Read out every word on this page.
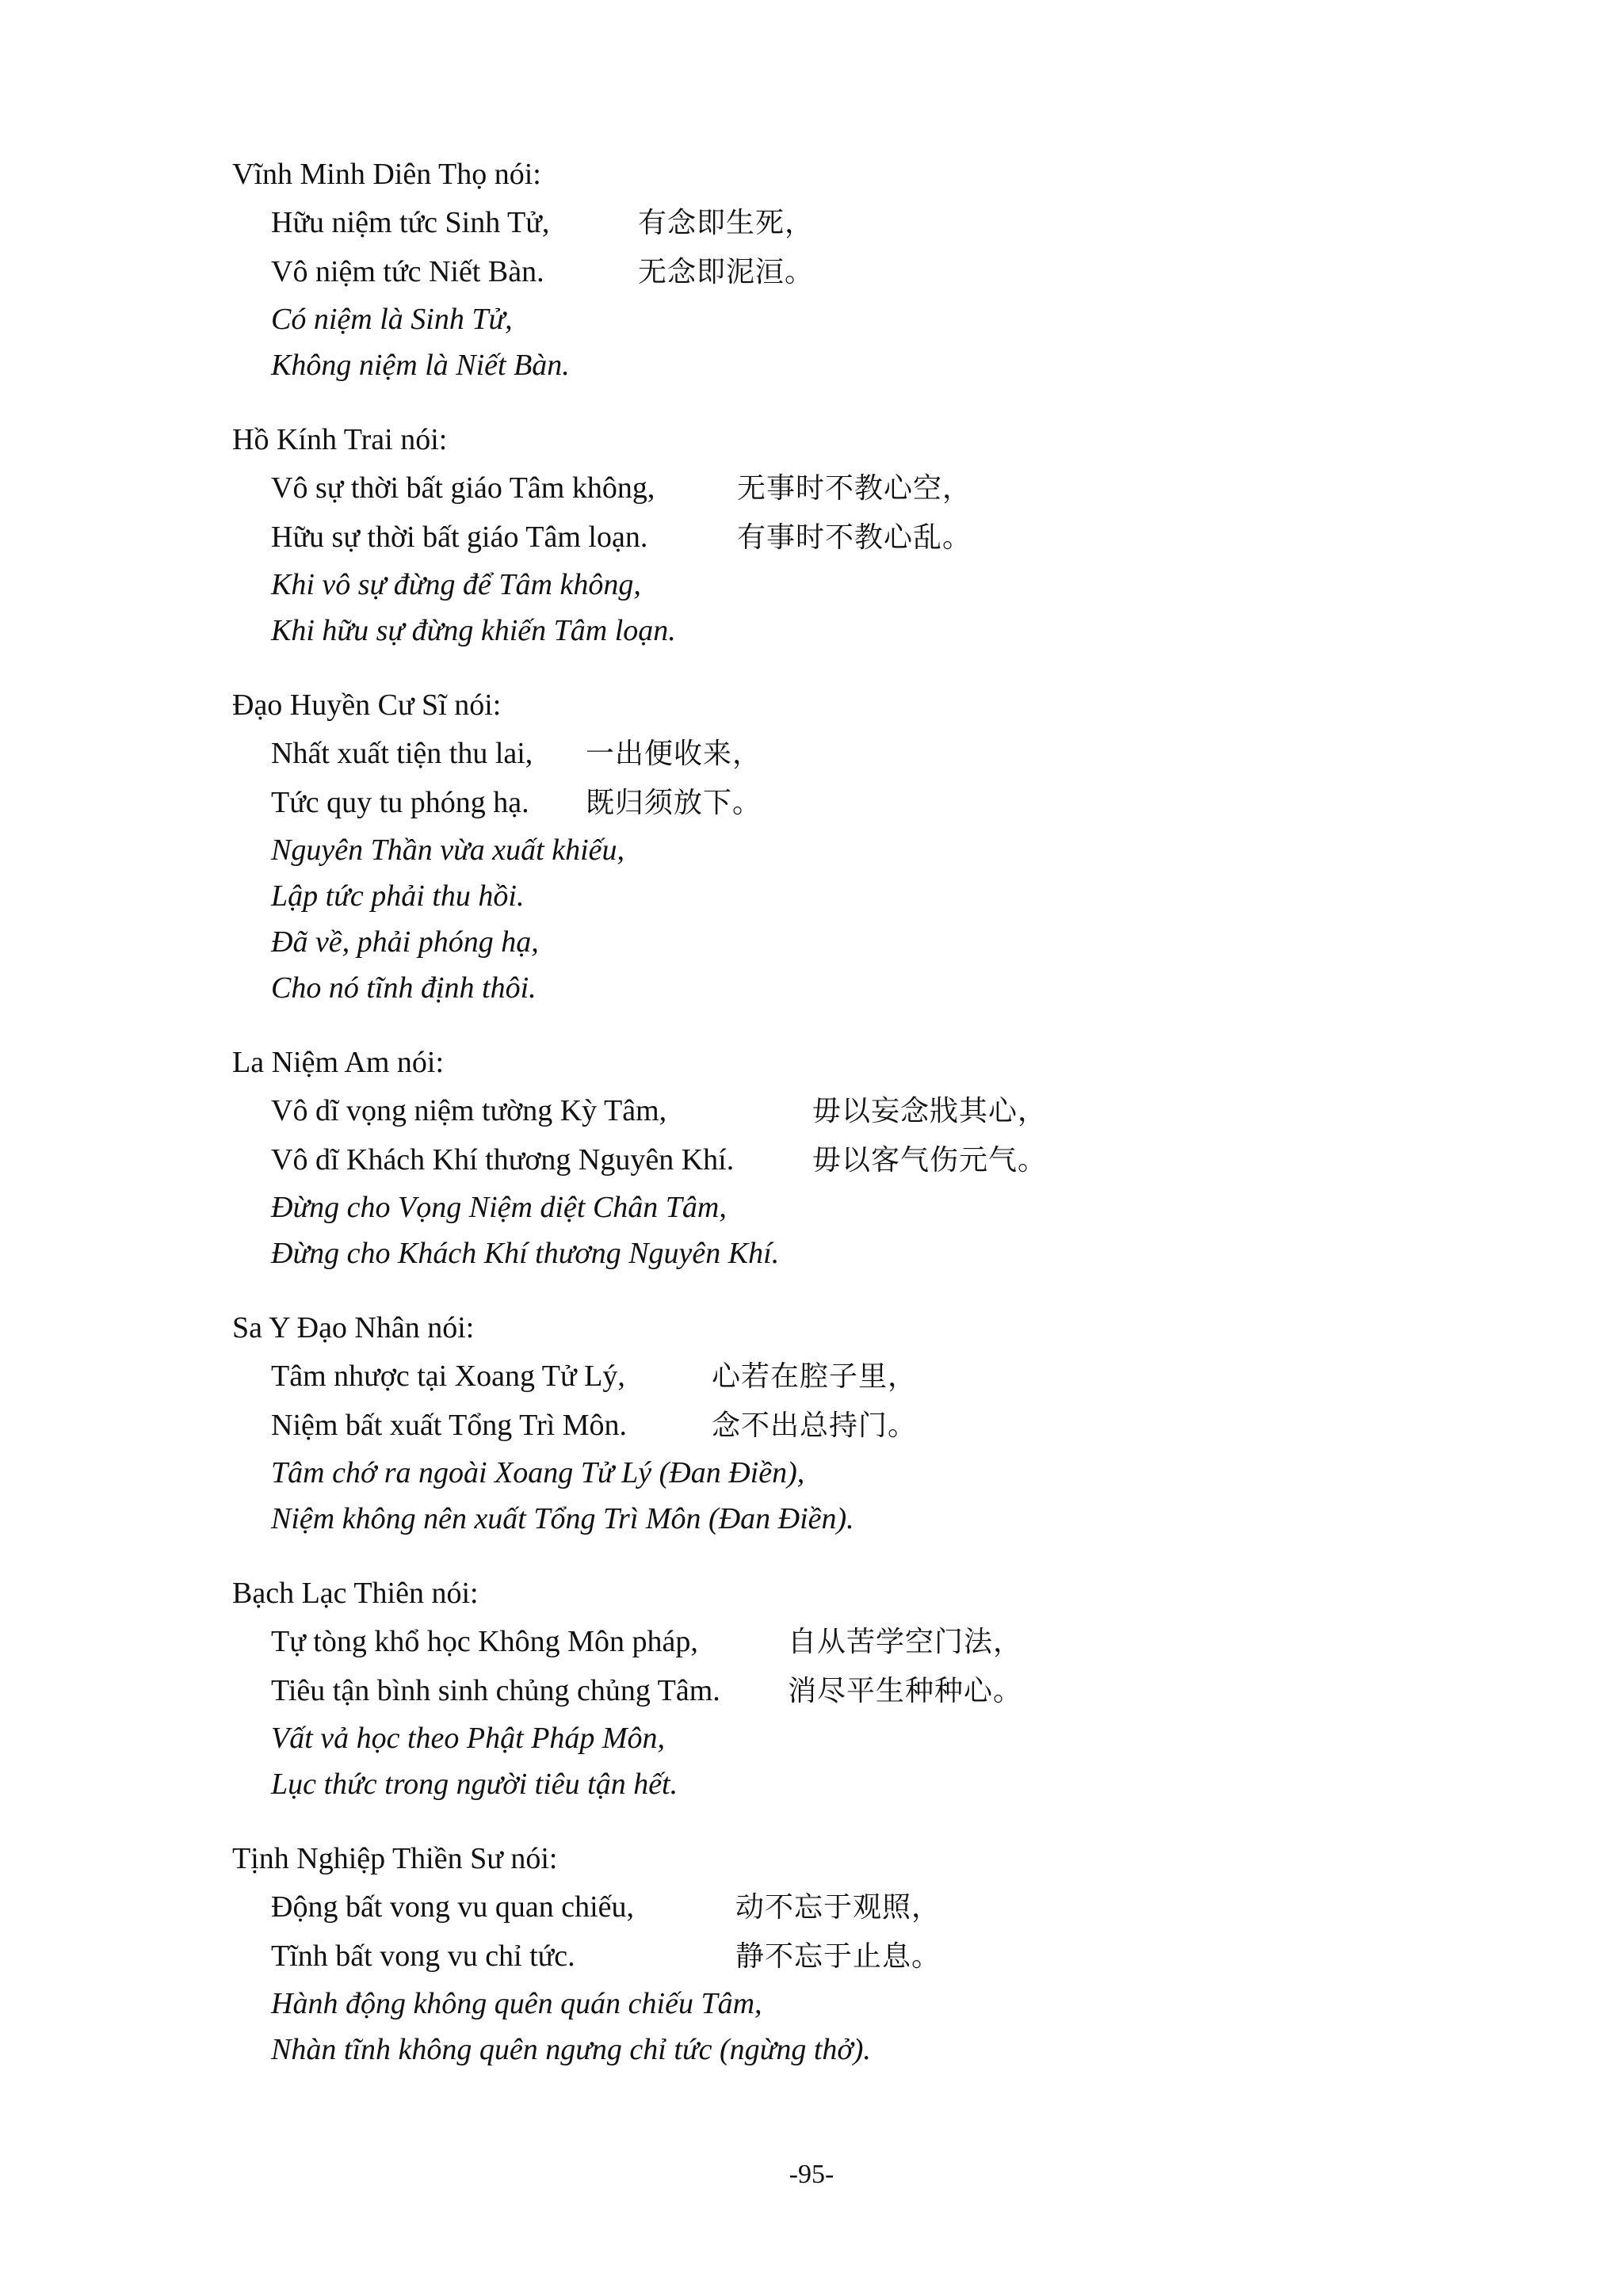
Vĩnh Minh Diên Thọ nói:
Hữu niệm tức Sinh Tử,	有念即生死，
Vô niệm tức Niết Bàn.	无念即泥洹。
Có niệm là Sinh Tử,
Không niệm là Niết Bàn.
Hồ Kính Trai nói:
Vô sự thời bất giáo Tâm không,	无事时不教心空，
Hữu sự thời bất giáo Tâm loạn.	有事时不教心乱。
Khi vô sự đừng để Tâm không,
Khi hữu sự đừng khiến Tâm loạn.
Đạo Huyền Cư Sĩ nói:
Nhất xuất tiện thu lai,	一出便收来，
Tức quy tu phóng hạ.	既归须放下。
Nguyên Thần vừa xuất khiếu,
Lập tức phải thu hồi.
Đã về, phải phóng hạ,
Cho nó tĩnh định thôi.
La Niệm Am nói:
Vô dĩ vọng niệm tường Kỳ Tâm,	毋以妄念戕其心，
Vô dĩ Khách Khí thương Nguyên Khí.	毋以客气伤元气。
Đừng cho Vọng Niệm diệt Chân Tâm,
Đừng cho Khách Khí thương Nguyên Khí.
Sa Y Đạo Nhân nói:
Tâm nhược tại Xoang Tử Lý,	心若在腔子里，
Niệm bất xuất Tổng Trì Môn.	念不出总持门。
Tâm chớ ra ngoài Xoang Tử Lý (Đan Điền),
Niệm không nên xuất Tổng Trì Môn (Đan Điền).
Bạch Lạc Thiên nói:
Tự tòng khổ học Không Môn pháp,	自从苦学空门法，
Tiêu tận bình sinh chủng chủng Tâm.	消尽平生种种心。
Vất vả học theo Phật Pháp Môn,
Lục thức trong người tiêu tận hết.
Tịnh Nghiệp Thiền Sư nói:
Động bất vong vu quan chiếu,	动不忘于观照，
Tĩnh bất vong vu chỉ tức.	静不忘于止息。
Hành động không quên quán chiếu Tâm,
Nhàn tĩnh không quên ngưng chỉ tức (ngừng thở).
-95-
